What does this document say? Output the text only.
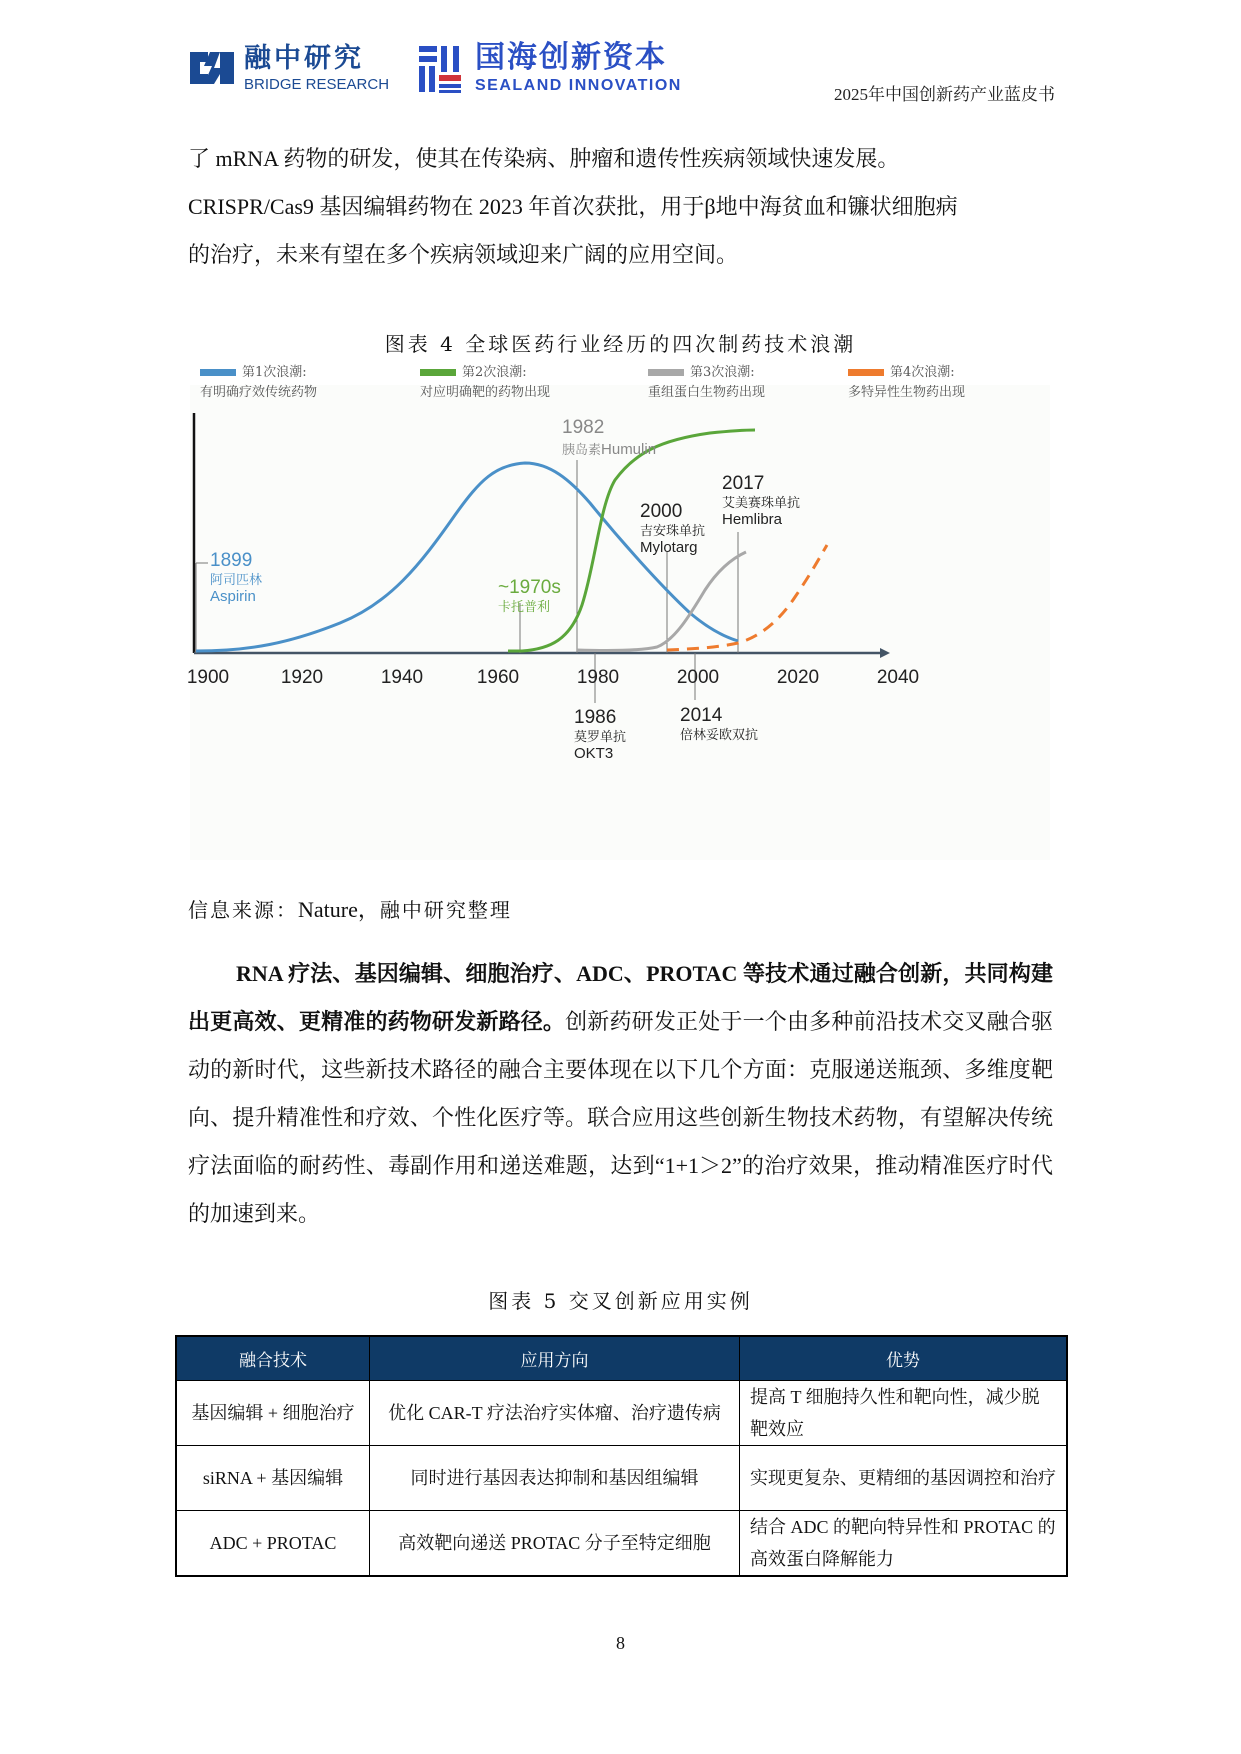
融中研究
BRIDGE RESEARCH
国海创新资本
SEALAND INNOVATION	2025年中国创新药产业蓝皮书

了 mRNA 药物的研发，使其在传染病、肿瘤和遗传性疾病领域快速发展。

CRISPR/Cas9 基因编辑药物在 2023 年首次获批，用于β地中海贫血和镰状细胞病

的治疗，未来有望在多个疾病领域迎来广阔的应用空间。

图表 4 全球医药行业经历的四次制药技术浪潮
第1次浪潮:
有明确疗效传统药物
第2次浪潮:
对应明确靶的药物出现
第3次浪潮:
重组蛋白生物药出现
第4次浪潮:
多特异性生物药出现
1900	1920	1940	1960	1980	2000	2020	2040
1899
阿司匹林
Aspirin	~1970s
卡托普利
1982
胰岛素Humulin
1986
莫罗单抗
OKT3
2000
吉安珠单抗
Mylotarg
2014
倍林妥欧双抗
2017
艾美赛珠单抗
Hemlibra
信息来源：Nature，融中研究整理
RNA 疗法、基因编辑、细胞治疗、ADC、PROTAC 等技术通过融合创新，共同构建出更高效、更精准的药物研发新路径。创新药研发正处于一个由多种前沿技术交叉融合驱动的新时代，这些新技术路径的融合主要体现在以下几个方面：克服递送瓶颈、多维度靶向、提升精准性和疗效、个性化医疗等。联合应用这些创新生物技术药物，有望解决传统疗法面临的耐药性、毒副作用和递送难题，达到“1+1＞2”的治疗效果，推动精准医疗时代的加速到来。
图表 5 交叉创新应用实例
融合技术	应用方向	优势
基因编辑 + 细胞治疗	优化 CAR-T 疗法治疗实体瘤、治疗遗传病	提高 T 细胞持久性和靶向性，减少脱靶效应
siRNA + 基因编辑	同时进行基因表达抑制和基因组编辑	实现更复杂、更精细的基因调控和治疗
ADC + PROTAC	高效靶向递送 PROTAC 分子至特定细胞	结合 ADC 的靶向特异性和 PROTAC 的高效蛋白降解能力
8
